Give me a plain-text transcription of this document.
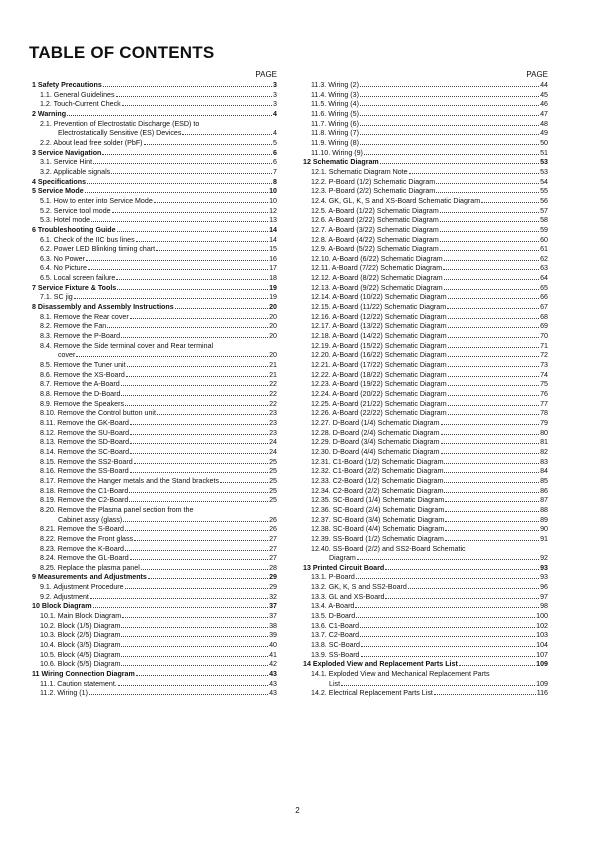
TABLE OF CONTENTS
PAGE
1 Safety Precautions	3
1.1. General Guidelines	3
1.2. Touch-Current Check	3
2 Warning	4
2.1. Prevention of Electrostatic Discharge (ESD) to
Electrostatically Sensitive (ES) Devices	4
2.2. About lead free solder (PbF)	5
3 Service Navigation	6
3.1. Service Hint	6
3.2. Applicable signals	7
4 Specifications	8
5 Service Mode	10
5.1. How to enter into Service Mode	10
5.2. Service tool mode	12
5.3. Hotel mode	13
6 Troubleshooting Guide	14
6.1. Check of the IIC bus lines	14
6.2. Power LED Blinking timing chart	15
6.3. No Power	16
6.4. No Picture	17
6.5. Local screen failure	18
7 Service Fixture & Tools	19
7.1. SC jig	19
8 Disassembly and Assembly Instructions	20
8.1. Remove the Rear cover	20
8.2. Remove the Fan	20
8.3. Remove the P-Board	20
8.4. Remove the Side terminal cover and Rear terminal
cover	20
8.5. Remove the Tuner unit	21
8.6. Remove the XS-Board	21
8.7. Remove the A-Board	22
8.8. Remove the D-Board	22
8.9. Remove the Speakers	22
8.10. Remove the Control button unit	23
8.11. Remove the GK-Board	23
8.12. Remove the SU-Board	23
8.13. Remove the SD-Board	24
8.14. Remove the SC-Board	24
8.15. Remove the SS2-Board	25
8.16. Remove the SS-Board	25
8.17. Remove the Hanger metals and the Stand brackets	25
8.18. Remove the C1-Board	25
8.19. Remove the C2-Board	25
8.20. Remove the Plasma panel section from the
Cabinet assy (glass)	26
8.21. Remove the S-Board	26
8.22. Remove the Front glass	27
8.23. Remove the K-Board	27
8.24. Remove the GL-Board	27
8.25. Replace the plasma panel	28
9 Measurements and Adjustments	29
9.1. Adjustment Procedure	29
9.2. Adjustment	32
10 Block Diagram	37
10.1. Main Block Diagram	37
10.2. Block (1/5) Diagram	38
10.3. Block (2/5) Diagram	39
10.4. Block (3/5) Diagram	40
10.5. Block (4/5) Diagram	41
10.6. Block (5/5) Diagram	42
11 Wiring Connection Diagram	43
11.1. Caution statement.	43
11.2. Wiring (1)	43
PAGE
11.3. Wiring (2)	44
11.4. Wiring (3)	45
11.5. Wiring (4)	46
11.6. Wiring (5)	47
11.7. Wiring (6)	48
11.8. Wiring (7)	49
11.9. Wiring (8)	50
11.10. Wiring (9)	51
12 Schematic Diagram	53
12.1. Schematic Diagram Note	53
12.2. P-Board (1/2) Schematic Diagram	54
12.3. P-Board (2/2) Schematic Diagram	55
12.4. GK, GL, K, S and XS-Board Schematic Diagram	56
12.5. A-Board (1/22) Schematic Diagram	57
12.6. A-Board (2/22) Schematic Diagram	58
12.7. A-Board (3/22) Schematic Diagram	59
12.8. A-Board (4/22) Schematic Diagram	60
12.9. A-Board (5/22) Schematic Diagram	61
12.10. A-Board (6/22) Schematic Diagram	62
12.11. A-Board (7/22) Schematic Diagram	63
12.12. A-Board (8/22) Schematic Diagram	64
12.13. A-Board (9/22) Schematic Diagram	65
12.14. A-Board (10/22) Schematic Diagram	66
12.15. A-Board (11/22) Schematic Diagram	67
12.16. A-Board (12/22) Schematic Diagram	68
12.17. A-Board (13/22) Schematic Diagram	69
12.18. A-Board (14/22) Schematic Diagram	70
12.19. A-Board (15/22) Schematic Diagram	71
12.20. A-Board (16/22) Schematic Diagram	72
12.21. A-Board (17/22) Schematic Diagram	73
12.22. A-Board (18/22) Schematic Diagram	74
12.23. A-Board (19/22) Schematic Diagram	75
12.24. A-Board (20/22) Schematic Diagram	76
12.25. A-Board (21/22) Schematic Diagram	77
12.26. A-Board (22/22) Schematic Diagram	78
12.27. D-Board (1/4) Schematic Diagram	79
12.28. D-Board (2/4) Schematic Diagram	80
12.29. D-Board (3/4) Schematic Diagram	81
12.30. D-Board (4/4) Schematic Diagram	82
12.31. C1-Board (1/2) Schematic Diagram	83
12.32. C1-Board (2/2) Schematic Diagram	84
12.33. C2-Board (1/2) Schematic Diagram	85
12.34. C2-Board (2/2) Schematic Diagram	86
12.35. SC-Board (1/4) Schematic Diagram	87
12.36. SC-Board (2/4) Schematic Diagram	88
12.37. SC-Board (3/4) Schematic Diagram	89
12.38. SC-Board (4/4) Schematic Diagram	90
12.39. SS-Board (1/2) Schematic Diagram	91
12.40. SS-Board (2/2) and SS2-Board Schematic
Diagram	92
13 Printed Circuit Board	93
13.1. P-Board	93
13.2. GK, K, S and SS2-Board	96
13.3. GL and XS-Board	97
13.4. A-Board	98
13.5. D-Board	100
13.6. C1-Board	102
13.7. C2-Board	103
13.8. SC-Board	104
13.9. SS-Board	107
14 Exploded View and Replacement Parts List	109
14.1. Exploded View and Mechanical Replacement Parts
List	109
14.2. Electrical Replacement Parts List	116
2
